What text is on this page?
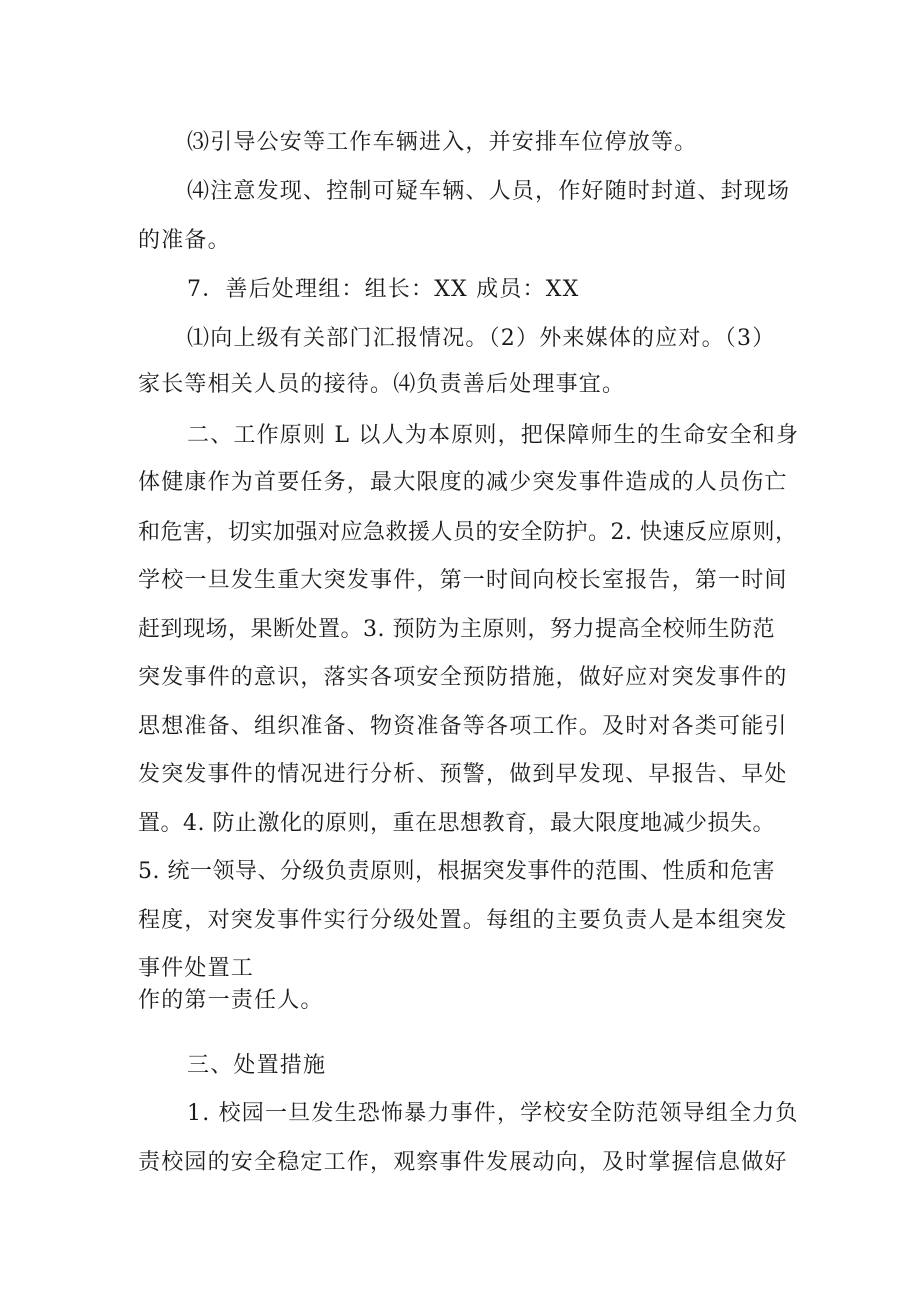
⑶引导公安等工作车辆进入，并安排车位停放等。
⑷注意发现、控制可疑车辆、人员，作好随时封道、封现场
的准备。
7．善后处理组：组长：XX 成员：XX
⑴向上级有关部门汇报情况。（2）外来媒体的应对。（3）
家长等相关人员的接待。⑷负责善后处理事宜。
二、工作原则 L 以人为本原则，把保障师生的生命安全和身
体健康作为首要任务，最大限度的减少突发事件造成的人员伤亡
和危害，切实加强对应急救援人员的安全防护。2. 快速反应原则，
学校一旦发生重大突发事件，第一时间向校长室报告，第一时间
赶到现场，果断处置。3. 预防为主原则，努力提高全校师生防范
突发事件的意识，落实各项安全预防措施，做好应对突发事件的
思想准备、组织准备、物资准备等各项工作。及时对各类可能引
发突发事件的情况进行分析、预警，做到早发现、早报告、早处
置。4. 防止激化的原则，重在思想教育，最大限度地减少损失。
5. 统一领导、分级负责原则，根据突发事件的范围、性质和危害
程度，对突发事件实行分级处置。每组的主要负责人是本组突发
事件处置工
作的第一责任人。
三、处置措施
1. 校园一旦发生恐怖暴力事件，学校安全防范领导组全力负
责校园的安全稳定工作，观察事件发展动向，及时掌握信息做好
